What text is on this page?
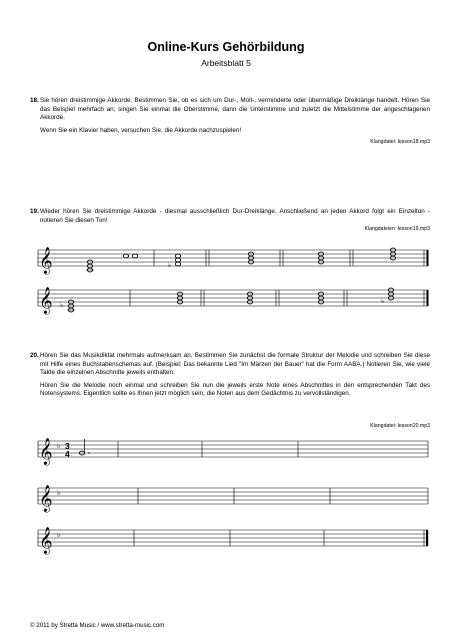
Online-Kurs Gehörbildung
Arbeitsblatt 5
18. Sie hören dreistimmige Akkorde. Bestimmen Sie, ob es sich um Dur-, Moll-, verminderte oder übermäßige Dreiklänge handelt. Hören Sie das Beispiel mehrfach an; singen Sie einmal die Oberstimme, dann die Unterstimme und zuletzt die Mittelstimme der angeschlagenen Akkorde.

Wenn Sie ein Klavier haben, versuchen Sie, die Akkorde nachzuspielen!

Klangdatei: lesson18.mp3
19. Wieder hören Sie dreistimmige Akkorde - diesmal ausschließlich Dur-Dreiklänge. Anschließend an jeden Akkord folgt ein Einzelton - notieren Sie diesen Ton!

Klangdateien: lesson19.mp3
𝄞	♭
𝄞 ♭
♭
20. Hören Sie das Musikdiktat mehrmals aufmerksam an. Bestimmen Sie zunächst die formale Struktur der Melodie und schreiben Sie diese mit Hilfe eines Buchstabenschemas auf. (Beispiel: Das bekannte Lied "Im Märzen der Bauer" hat die Form AABA.) Notieren Sie, wie viele Takte die einzelnen Abschnitte jeweils enthalten.

Hören Sie die Melodie noch einmal und schreiben Sie nun die jeweils erste Note eines Abschnittes in den entsprechenden Takt des Notensystems. Eigentlich sollte es Ihnen jetzt möglich sein, die Noten aus dem Gedächtnis zu vervollständigen.

Klangdatei: lesson20.mp3
𝄞 ♭ 3
4
𝄞 ♭
𝄞 ♭
© 2011 by Stretta Music / www.stretta-music.com
